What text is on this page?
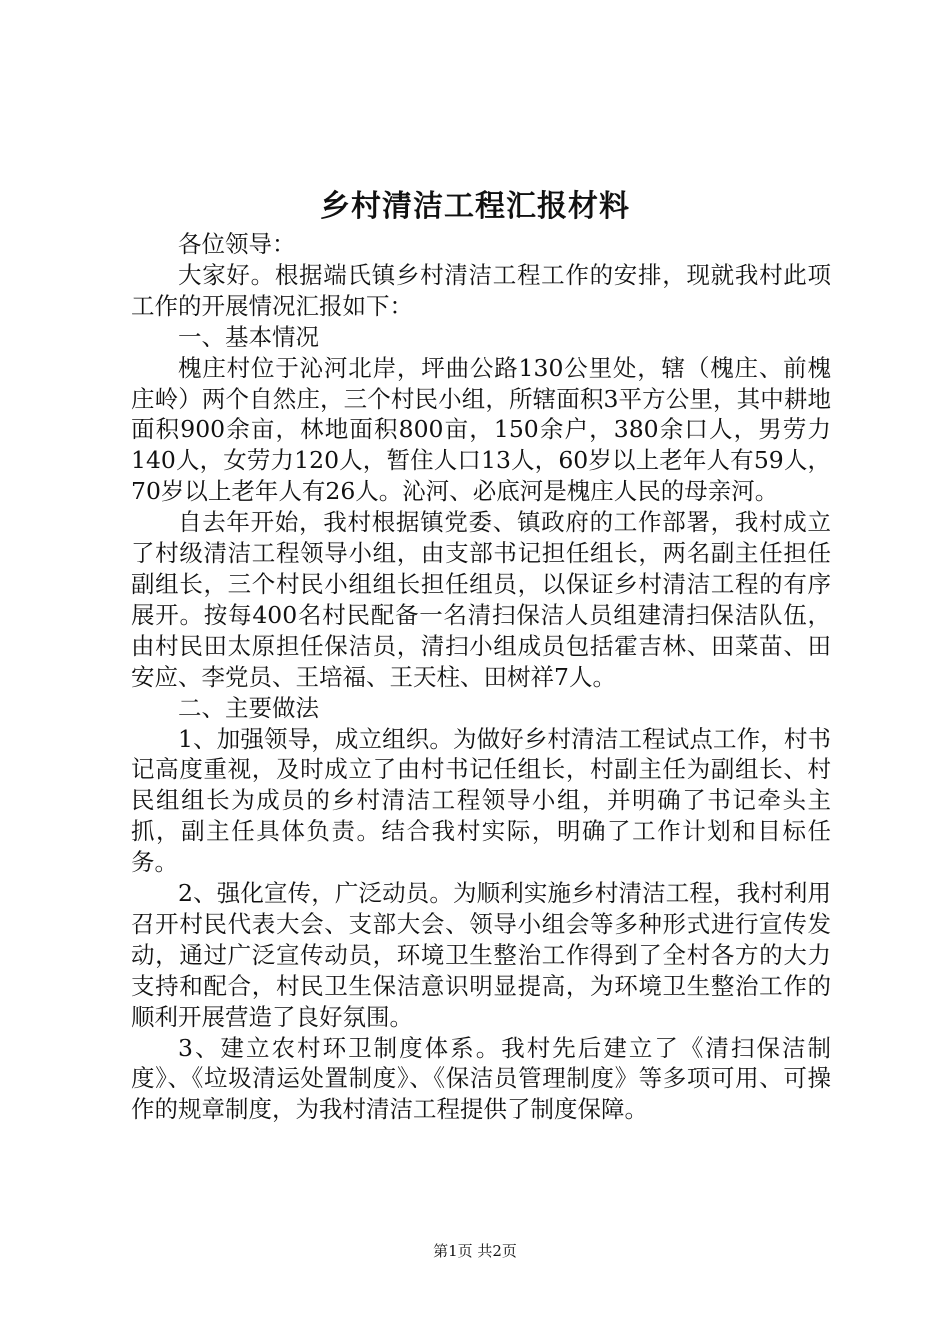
乡村清洁工程汇报材料

各位领导：

大家好。根据端氏镇乡村清洁工程工作的安排，现就我村此项工作的开展情况汇报如下：

一、基本情况

槐庄村位于沁河北岸，坪曲公路130公里处，辖（槐庄、前槐庄岭）两个自然庄，三个村民小组，所辖面积3平方公里，其中耕地面积900余亩，林地面积800亩，150余户，380余口人，男劳力140人，女劳力120人，暂住人口13人，60岁以上老年人有59人，70岁以上老年人有26人。沁河、必底河是槐庄人民的母亲河。

自去年开始，我村根据镇党委、镇政府的工作部署，我村成立了村级清洁工程领导小组，由支部书记担任组长，两名副主任担任副组长，三个村民小组组长担任组员，以保证乡村清洁工程的有序展开。按每400名村民配备一名清扫保洁人员组建清扫保洁队伍，由村民田太原担任保洁员，清扫小组成员包括霍吉林、田菜苗、田安应、李党员、王培福、王天柱、田树祥7人。

二、主要做法

1、加强领导，成立组织。为做好乡村清洁工程试点工作，村书记高度重视，及时成立了由村书记任组长，村副主任为副组长、村民组组长为成员的乡村清洁工程领导小组，并明确了书记牵头主抓，副主任具体负责。结合我村实际，明确了工作计划和目标任务。

2、强化宣传，广泛动员。为顺利实施乡村清洁工程，我村利用召开村民代表大会、支部大会、领导小组会等多种形式进行宣传发动，通过广泛宣传动员，环境卫生整治工作得到了全村各方的大力支持和配合，村民卫生保洁意识明显提高，为环境卫生整治工作的顺利开展营造了良好氛围。

3、建立农村环卫制度体系。我村先后建立了《清扫保洁制度》、《垃圾清运处置制度》、《保洁员管理制度》等多项可用、可操作的规章制度，为我村清洁工程提供了制度保障。

第1页 共2页
